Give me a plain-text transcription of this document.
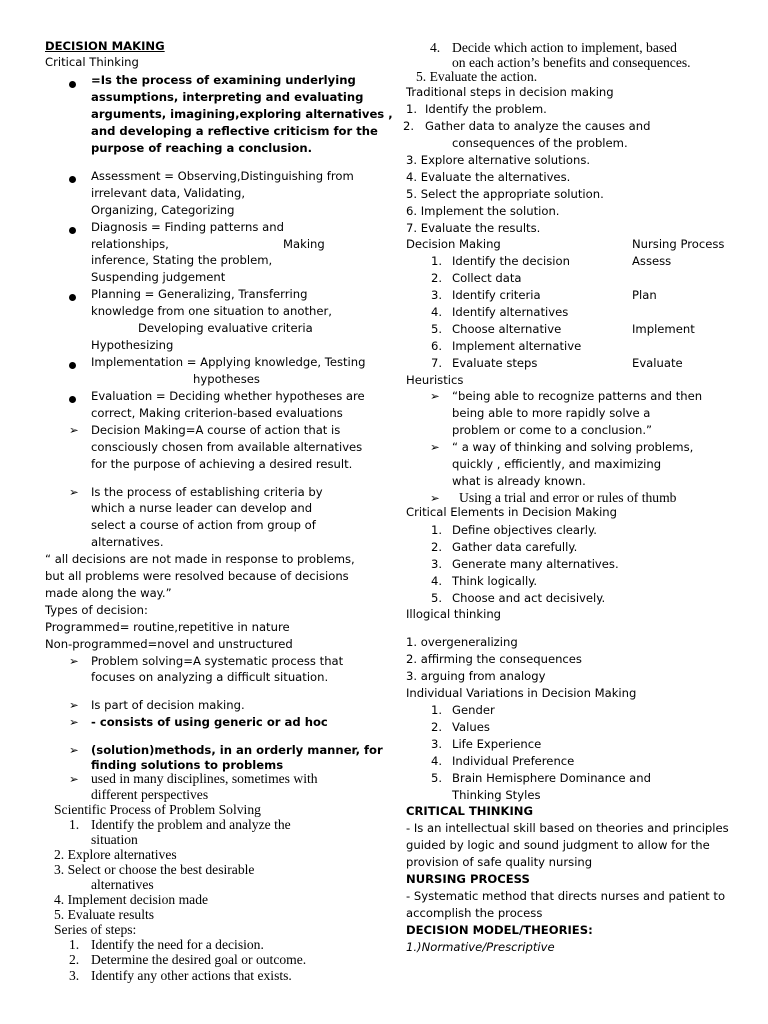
DECISION MAKING
Critical Thinking
=Is the process of examining underlying
assumptions, interpreting and evaluating
arguments, imagining,exploring alternatives ,
and developing a reflective criticism for the
purpose of reaching a conclusion.
Assessment = Observing,Distinguishing from
irrelevant data, Validating,
Organizing, Categorizing
Diagnosis = Finding patterns and
relationships,	Making
inference, Stating the problem,
Suspending judgement
Planning = Generalizing, Transferring
knowledge from one situation to another,
Developing evaluative criteria
Hypothesizing
Implementation = Applying knowledge, Testing
hypotheses
Evaluation = Deciding whether hypotheses are
correct, Making criterion-based evaluations
Decision Making=A course of action that is
consciously chosen from available alternatives
for the purpose of achieving a desired result.
Is the process of establishing criteria by
which a nurse leader can develop and
select a course of action from group of
alternatives.
“ all decisions are not made in response to problems,
but all problems were resolved because of decisions
made along the way.”
Types of decision:
Programmed= routine,repetitive in nature
Non-programmed=novel and unstructured
Problem solving=A systematic process that
focuses on analyzing a difficult situation.
Is part of decision making.
- consists of using generic or ad hoc
(solution)methods, in an orderly manner, for
finding solutions to problems
used in many disciplines, sometimes with
different perspectives
Scientific Process of Problem Solving
Identify the problem and analyze the
situation
2. Explore alternatives
3. Select or choose the best desirable
alternatives
4. Implement decision made
5. Evaluate results
Series of steps:
Identify the need for a decision.
Determine the desired goal or outcome.
Identify any other actions that exists.
Decide which action to implement, based
on each action’s benefits and consequences.
5. Evaluate the action.
Traditional steps in decision making
Identify the problem.
Gather data to analyze the causes and
consequences of the problem.
3. Explore alternative solutions.
4. Evaluate the alternatives.
5. Select the appropriate solution.
6. Implement the solution.
7. Evaluate the results.
Decision Making	Nursing Process
Heuristics
“being able to recognize patterns and then
being able to more rapidly solve a
problem or come to a conclusion.”
“ a way of thinking and solving problems,
quickly , efficiently, and maximizing
what is already known.
Using a trial and error or rules of thumb
Critical Elements in Decision Making
Illogical thinking
1. overgeneralizing
2. affirming the consequences
3. arguing from analogy
Individual Variations in Decision Making
Thinking Styles
CRITICAL THINKING
- Is an intellectual skill based on theories and principles
guided by logic and sound judgment to allow for the
provision of safe quality nursing
NURSING PROCESS
- Systematic method that directs nurses and patient to
accomplish the process
DECISION MODEL/THEORIES:
1.)Normative/Prescriptive
1. Identify the decision	Assess
2. Collect data
3. Identify criteria	Plan
4. Identify alternatives
5. Choose alternative	Implement
6. Implement alternative
7. Evaluate steps	Evaluate
1. Define objectives clearly.
2. Gather data carefully.
3. Generate many alternatives.
4. Think logically.
5. Choose and act decisively.
1. Gender
2. Values
3. Life Experience
4. Individual Preference
5. Brain Hemisphere Dominance and
➢
➢
➢
➢
➢
➢
➢
1.
1.
2.
3.
4.
1.
2.
➢
➢
➢
